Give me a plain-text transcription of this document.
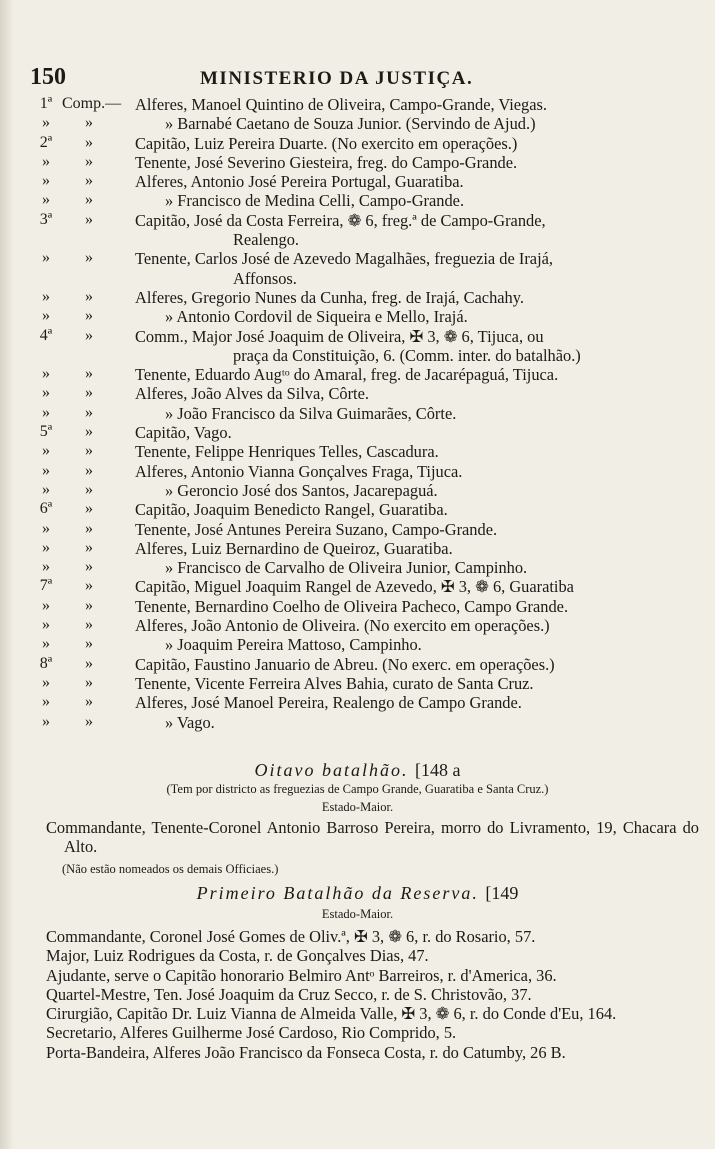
150	MINISTERIO DA JUSTIÇA.
1ª Comp.— Alferes, Manoel Quintino de Oliveira, Campo-Grande, Viegas.
»	»	» Barnabé Caetano de Souza Junior. (Servindo de Ajud.)
2ª	»	Capitão, Luiz Pereira Duarte. (No exercito em operações.)
»	»	Tenente, José Severino Giesteira, freg. do Campo-Grande.
»	»	Alferes, Antonio José Pereira Portugal, Guaratiba.
»	»	» Francisco de Medina Celli, Campo-Grande.
3ª	»	Capitão, José da Costa Ferreira, ❁ 6, freg.ª de Campo-Grande,
Realengo.
»	»	Tenente, Carlos José de Azevedo Magalhães, freguezia de Irajá,
Affonsos.
»	»	Alferes, Gregorio Nunes da Cunha, freg. de Irajá, Cachahy.
»	»	» Antonio Cordovil de Siqueira e Mello, Irajá.
4ª	»	Comm., Major José Joaquim de Oliveira, ✠ 3, ❁ 6, Tijuca, ou
praça da Constituição, 6. (Comm. inter. do batalhão.)
»	»	Tenente, Eduardo Augᵗᵒ do Amaral, freg. de Jacarépaguá, Tijuca.
»	»	Alferes, João Alves da Silva, Côrte.
»	»	» João Francisco da Silva Guimarães, Côrte.
5ª	»	Capitão, Vago.
»	»	Tenente, Felippe Henriques Telles, Cascadura.
»	»	Alferes, Antonio Vianna Gonçalves Fraga, Tijuca.
»	»	» Geroncio José dos Santos, Jacarepaguá.
6ª	»	Capitão, Joaquim Benedicto Rangel, Guaratiba.
»	»	Tenente, José Antunes Pereira Suzano, Campo-Grande.
»	»	Alferes, Luiz Bernardino de Queiroz, Guaratiba.
»	»	» Francisco de Carvalho de Oliveira Junior, Campinho.
7ª	»	Capitão, Miguel Joaquim Rangel de Azevedo, ✠ 3, ❁ 6, Guaratiba
»	»	Tenente, Bernardino Coelho de Oliveira Pacheco, Campo Grande.
»	»	Alferes, João Antonio de Oliveira. (No exercito em operações.)
»	»	» Joaquim Pereira Mattoso, Campinho.
8ª	»	Capitão, Faustino Januario de Abreu. (No exerc. em operações.)
»	»	Tenente, Vicente Ferreira Alves Bahia, curato de Santa Cruz.
»	»	Alferes, José Manoel Pereira, Realengo de Campo Grande.
»	»	» Vago.
Oitavo batalhão. [148 a
(Tem por districto as freguezias de Campo Grande, Guaratiba e Santa Cruz.)
Estado-Maior.
Commandante, Tenente-Coronel Antonio Barroso Pereira, morro do Livramento, 19, Chacara do Alto.
(Não estão nomeados os demais Officiaes.)
Primeiro Batalhão da Reserva. [149
Estado-Maior.
Commandante, Coronel José Gomes de Oliv.ª, ✠ 3, ❁ 6, r. do Rosario, 57.
Major, Luiz Rodrigues da Costa, r. de Gonçalves Dias, 47.
Ajudante, serve o Capitão honorario Belmiro Antᵒ Barreiros, r. d'America, 36.
Quartel-Mestre, Ten. José Joaquim da Cruz Secco, r. de S. Christovão, 37.
Cirurgião, Capitão Dr. Luiz Vianna de Almeida Valle, ✠ 3, ❁ 6, r. do Conde d'Eu, 164.
Secretario, Alferes Guilherme José Cardoso, Rio Comprido, 5.
Porta-Bandeira, Alferes João Francisco da Fonseca Costa, r. do Catumby, 26 B.
